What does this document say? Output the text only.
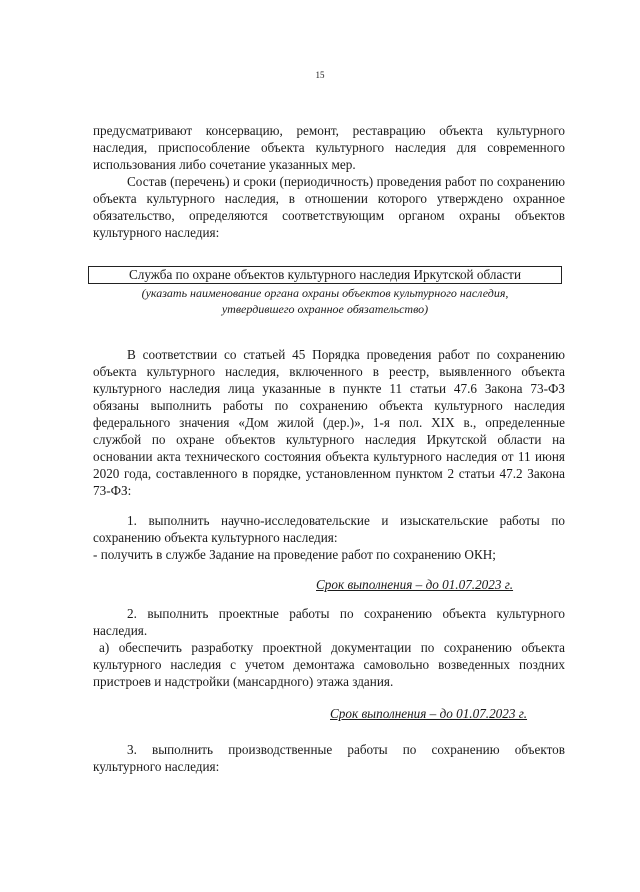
15

предусматривают консервацию, ремонт, реставрацию объекта культурного наследия, приспособление объекта культурного наследия для современного использования либо сочетание указанных мер.

Состав (перечень) и сроки (периодичность) проведения работ по сохранению объекта культурного наследия, в отношении которого утверждено охранное обязательство, определяются соответствующим органом охраны объектов культурного наследия:

Служба по охране объектов культурного наследия Иркутской области
(указать наименование органа охраны объектов культурного наследия,
утвердившего охранное обязательство)

В соответствии со статьей 45 Порядка проведения работ по сохранению объекта культурного наследия, включенного в реестр, выявленного объекта культурного наследия лица указанные в пункте 11 статьи 47.6 Закона 73-ФЗ обязаны выполнить работы по сохранению объекта культурного наследия федерального значения «Дом жилой (дер.)», 1-я пол. XIX в., определенные службой по охране объектов культурного наследия Иркутской области на основании акта технического состояния объекта культурного наследия от 11 июня 2020 года, составленного в порядке, установленном пунктом 2 статьи 47.2 Закона 73-ФЗ:

1. выполнить научно-исследовательские и изыскательские работы по сохранению объекта культурного наследия:

- получить в службе Задание на проведение работ по сохранению ОКН;

Срок выполнения – до 01.07.2023 г.

2. выполнить проектные работы по сохранению объекта культурного наследия.

а) обеспечить разработку проектной документации по сохранению объекта культурного наследия с учетом демонтажа самовольно возведенных поздних пристроев и надстройки (мансардного) этажа здания.

Срок выполнения – до 01.07.2023 г.

3. выполнить производственные работы по сохранению объектов культурного наследия:
